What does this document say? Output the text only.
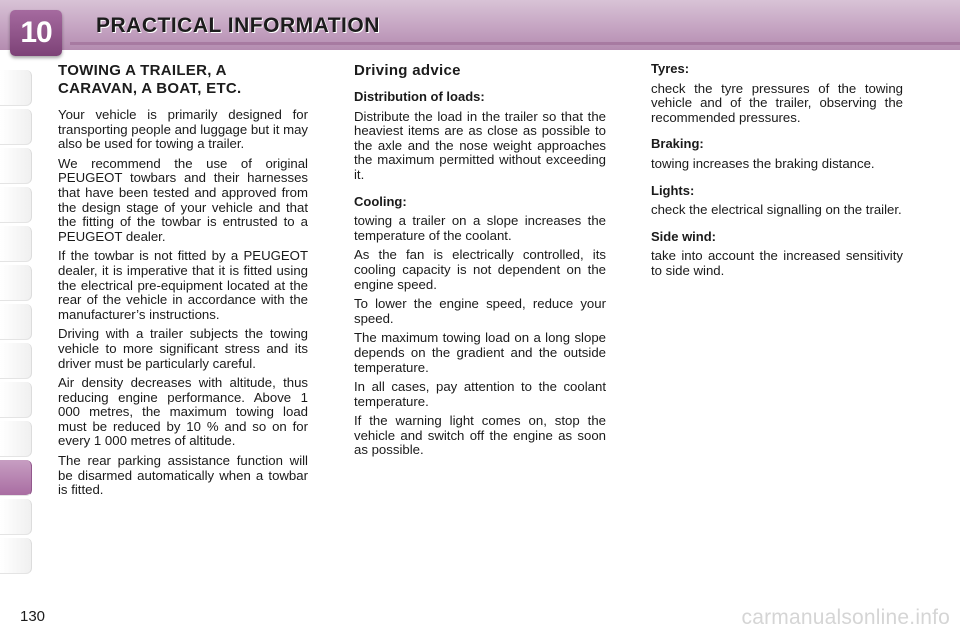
10	PRACTICAL INFORMATION
TOWING A TRAILER, A
CARAVAN, A BOAT, ETC.

Your vehicle is primarily designed for transporting people and luggage but it may also be used for towing a trailer.

We recommend the use of original PEUGEOT towbars and their harnesses that have been tested and approved from the design stage of your vehicle and that the fitting of the towbar is entrusted to a PEUGEOT dealer.

If the towbar is not fitted by a PEUGEOT dealer, it is imperative that it is fitted using the electrical pre-equipment located at the rear of the vehicle in accordance with the manufacturer’s instructions.

Driving with a trailer subjects the towing vehicle to more significant stress and its driver must be particularly careful.

Air density decreases with altitude, thus reducing engine performance. Above 1 000 metres, the maximum towing load must be reduced by 10 % and so on for every 1 000 metres of altitude.

The rear parking assistance function will be disarmed automatically when a towbar is fitted.

Driving advice
Distribution of loads:

Distribute the load in the trailer so that the heaviest items are as close as possible to the axle and the nose weight approaches the maximum permitted without exceeding it.

Cooling:

towing a trailer on a slope increases the temperature of the coolant.

As the fan is electrically controlled, its cooling capacity is not dependent on the engine speed.

To lower the engine speed, reduce your speed.

The maximum towing load on a long slope depends on the gradient and the outside temperature.

In all cases, pay attention to the coolant temperature.

If the warning light comes on, stop the vehicle and switch off the engine as soon as possible.

Tyres:

check the tyre pressures of the towing vehicle and of the trailer, observing the recommended pressures.

Braking:

towing increases the braking distance.

Lights:

check the electrical signalling on the trailer.

Side wind:

take into account the increased sensitivity to side wind.

130	carmanualsonline.info
